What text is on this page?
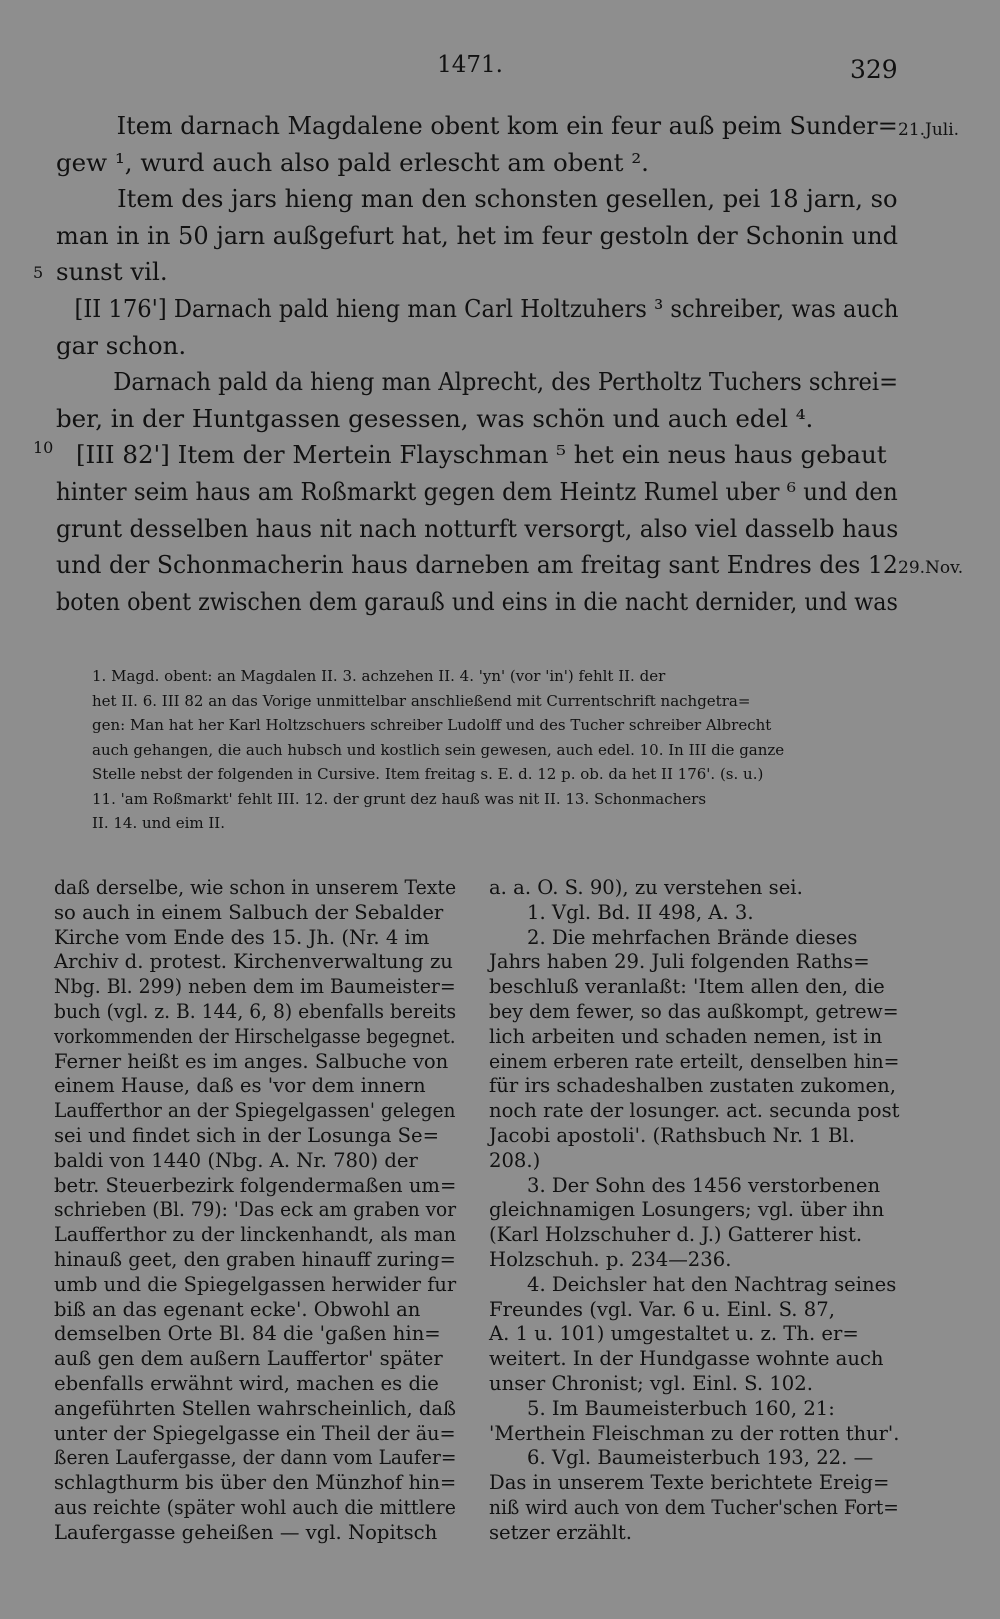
1471.	329
5
10
21.Juli.
29.Nov.
Item darnach Magdalene obent kom ein feur auß peim Sunder=
gew ¹, wurd auch also pald erlescht am obent ².
Item des jars hieng man den schonsten gesellen, pei 18 jarn, so
man in in 50 jarn außgefurt hat, het im feur gestoln der Schonin und
sunst vil.
[II 176'] Darnach pald hieng man Carl Holtzuhers ³ schreiber, was auch
gar schon.
Darnach pald da hieng man Alprecht, des Pertholtz Tuchers schrei=
ber, in der Huntgassen gesessen, was schön und auch edel ⁴.
[III 82'] Item der Mertein Flayschman ⁵ het ein neus haus gebaut
hinter seim haus am Roßmarkt gegen dem Heintz Rumel uber ⁶ und den
grunt desselben haus nit nach notturft versorgt, also viel dasselb haus
und der Schonmacherin haus darneben am freitag sant Endres des 12
boten obent zwischen dem garauß und eins in die nacht dernider, und was
1. Magd. obent: an Magdalen II. 3. achzehen II. 4. 'yn' (vor 'in') fehlt II. der
het II. 6. III 82 an das Vorige unmittelbar anschließend mit Currentschrift nachgetra=
gen: Man hat her Karl Holtzschuers schreiber Ludolff und des Tucher schreiber Albrecht
auch gehangen, die auch hubsch und kostlich sein gewesen, auch edel. 10. In III die ganze
Stelle nebst der folgenden in Cursive. Item freitag s. E. d. 12 p. ob. da het II 176'. (s. u.)
11. 'am Roßmarkt' fehlt III. 12. der grunt dez hauß was nit II. 13. Schonmachers
II. 14. und eim II.
daß derselbe, wie schon in unserem Texte
so auch in einem Salbuch der Sebalder
Kirche vom Ende des 15. Jh. (Nr. 4 im
Archiv d. protest. Kirchenverwaltung zu
Nbg. Bl. 299) neben dem im Baumeister=
buch (vgl. z. B. 144, 6, 8) ebenfalls bereits
vorkommenden der Hirschelgasse begegnet.
Ferner heißt es im anges. Salbuche von
einem Hause, daß es 'vor dem innern
Laufferthor an der Spiegelgassen' gelegen
sei und findet sich in der Losunga Se=
baldi von 1440 (Nbg. A. Nr. 780) der
betr. Steuerbezirk folgendermaßen um=
schrieben (Bl. 79): 'Das eck am graben vor
Laufferthor zu der linckenhandt, als man
hinauß geet, den graben hinauff zuring=
umb und die Spiegelgassen herwider fur
biß an das egenant ecke'. Obwohl an
demselben Orte Bl. 84 die 'gaßen hin=
auß gen dem außern Lauffertor' später
ebenfalls erwähnt wird, machen es die
angeführten Stellen wahrscheinlich, daß
unter der Spiegelgasse ein Theil der äu=
ßeren Laufergasse, der dann vom Laufer=
schlagthurm bis über den Münzhof hin=
aus reichte (später wohl auch die mittlere
Laufergasse geheißen — vgl. Nopitsch
a. a. O. S. 90), zu verstehen sei.
1. Vgl. Bd. II 498, A. 3.
2. Die mehrfachen Brände dieses
Jahrs haben 29. Juli folgenden Raths=
beschluß veranlaßt: 'Item allen den, die
bey dem fewer, so das außkompt, getrew=
lich arbeiten und schaden nemen, ist in
einem erberen rate erteilt, denselben hin=
für irs schadeshalben zustaten zukomen,
noch rate der losunger. act. secunda post
Jacobi apostoli'. (Rathsbuch Nr. 1 Bl.
208.)
3. Der Sohn des 1456 verstorbenen
gleichnamigen Losungers; vgl. über ihn
(Karl Holzschuher d. J.) Gatterer hist.
Holzschuh. p. 234—236.
4. Deichsler hat den Nachtrag seines
Freundes (vgl. Var. 6 u. Einl. S. 87,
A. 1 u. 101) umgestaltet u. z. Th. er=
weitert. In der Hundgasse wohnte auch
unser Chronist; vgl. Einl. S. 102.
5. Im Baumeisterbuch 160, 21:
'Merthein Fleischman zu der rotten thur'.
6. Vgl. Baumeisterbuch 193, 22. —
Das in unserem Texte berichtete Ereig=
niß wird auch von dem Tucher'schen Fort=
setzer erzählt.
